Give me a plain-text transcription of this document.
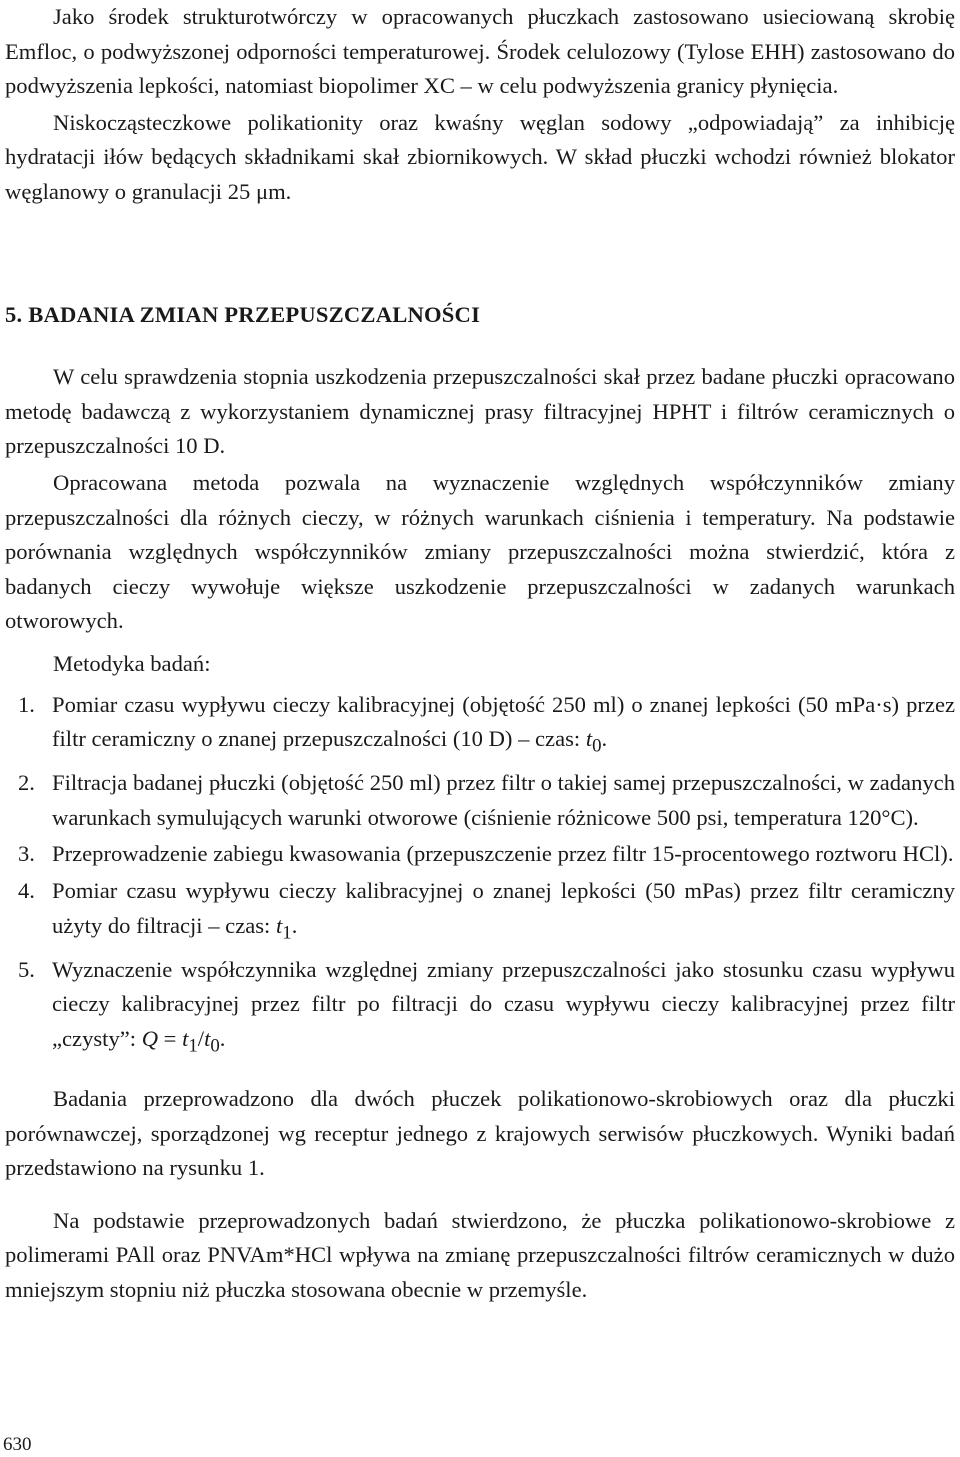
Jako środek strukturotwórczy w opracowanych płuczkach zastosowano usieciowaną skrobię Emfloc, o podwyższonej odporności temperaturowej. Środek celulozowy (Tylose EHH) zastosowano do podwyższenia lepkości, natomiast biopolimer XC – w celu podwyższenia granicy płynięcia.

Niskocząsteczkowe polikationity oraz kwaśny węglan sodowy „odpowiadają” za inhibicję hydratacji iłów będących składnikami skał zbiornikowych. W skład płuczki wchodzi również blokator węglanowy o granulacji 25 μm.

5. BADANIA ZMIAN PRZEPUSZCZALNOŚCI

W celu sprawdzenia stopnia uszkodzenia przepuszczalności skał przez badane płuczki opracowano metodę badawczą z wykorzystaniem dynamicznej prasy filtracyjnej HPHT i filtrów ceramicznych o przepuszczalności 10 D.

Opracowana metoda pozwala na wyznaczenie względnych współczynników zmiany przepuszczalności dla różnych cieczy, w różnych warunkach ciśnienia i temperatury. Na podstawie porównania względnych współczynników zmiany przepuszczalności można stwierdzić, która z badanych cieczy wywołuje większe uszkodzenie przepuszczalności w zadanych warunkach otworowych.

Metodyka badań:

1. Pomiar czasu wypływu cieczy kalibracyjnej (objętość 250 ml) o znanej lepkości (50 mPa·s) przez filtr ceramiczny o znanej przepuszczalności (10 D) – czas: $t_0$.
2. Filtracja badanej płuczki (objętość 250 ml) przez filtr o takiej samej przepuszczalności, w zadanych warunkach symulujących warunki otworowe (ciśnienie różnicowe 500 psi, temperatura 120°C).
3. Przeprowadzenie zabiegu kwasowania (przepuszczenie przez filtr 15-procentowego roztworu HCl).
4. Pomiar czasu wypływu cieczy kalibracyjnej o znanej lepkości (50 mPas) przez filtr ceramiczny użyty do filtracji – czas: $t_1$.
5. Wyznaczenie współczynnika względnej zmiany przepuszczalności jako stosunku czasu wypływu cieczy kalibracyjnej przez filtr po filtracji do czasu wypływu cieczy kalibracyjnej przez filtr „czysty”: $Q = t_1/t_0$.

Badania przeprowadzono dla dwóch płuczek polikationowo-skrobiowych oraz dla płuczki porównawczej, sporządzonej wg receptur jednego z krajowych serwisów płuczkowych. Wyniki badań przedstawiono na rysunku 1.

Na podstawie przeprowadzonych badań stwierdzono, że płuczka polikationowo-skrobiowe z polimerami PAll oraz PNVAm*HCl wpływa na zmianę przepuszczalności filtrów ceramicznych w dużo mniejszym stopniu niż płuczka stosowana obecnie w przemyśle.

630
